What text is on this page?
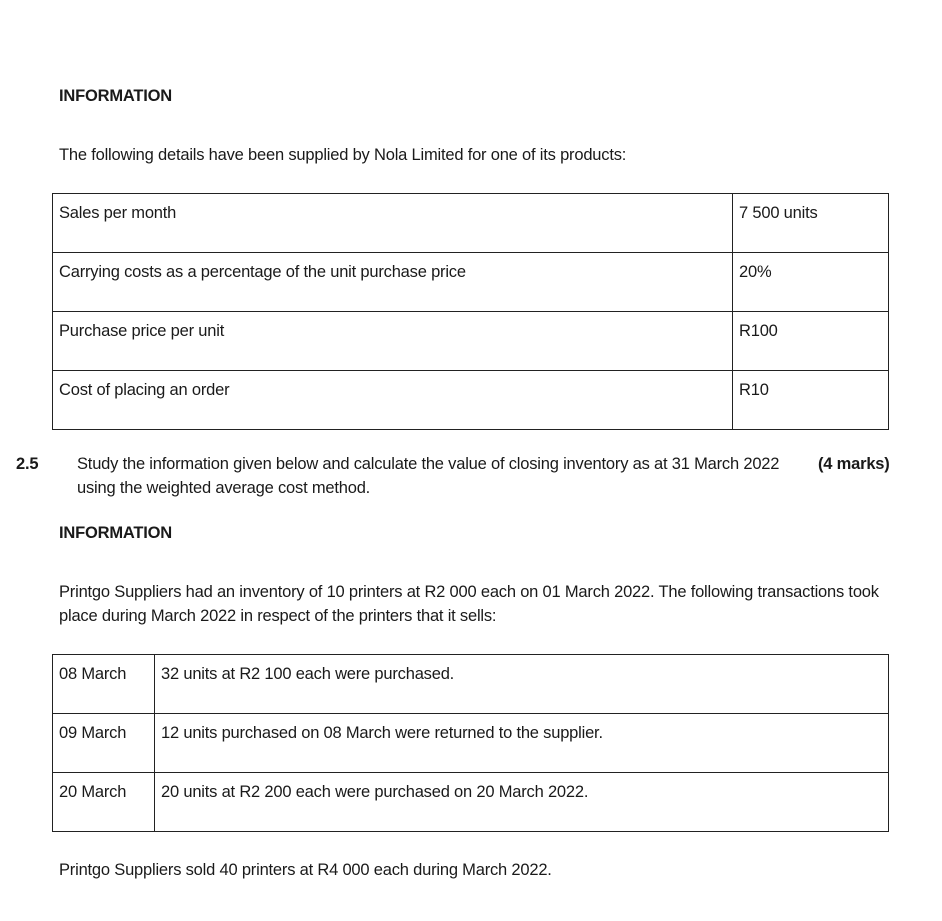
INFORMATION
The following details have been supplied by Nola Limited for one of its products:
Sales per month	7 500 units

Carrying costs as a percentage of the unit purchase price	20%

Purchase price per unit	R100

Cost of placing an order	R10
2.5 Study the information given below and calculate the value of closing inventory as at 31 March 2022
using the weighted average cost method.
(4 marks)
INFORMATION
Printgo Suppliers had an inventory of 10 printers at R2 000 each on 01 March 2022. The following transactions took
place during March 2022 in respect of the printers that it sells:
08 March	32 units at R2 100 each were purchased.

09 March	12 units purchased on 08 March were returned to the supplier.

20 March	20 units at R2 200 each were purchased on 20 March 2022.
Printgo Suppliers sold 40 printers at R4 000 each during March 2022.
